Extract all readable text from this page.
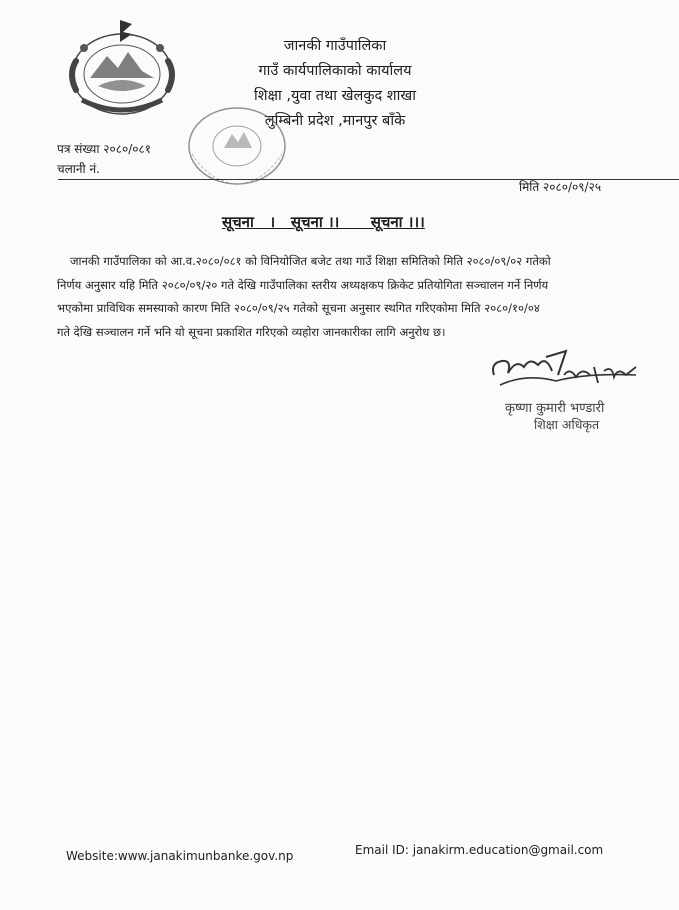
जानकी गाउँपालिका
गाउँ कार्यपालिकाको कार्यालय
शिक्षा ,युवा तथा खेलकुद शाखा
लुम्बिनी प्रदेश ,मानपुर बाँके
पत्र संख्या २०८०/०८१
चलानी नं.
मिति २०८०/०९/२५
सूचना   ।   सूचना ।।      सूचना ।।।
जानकी गाउँपालिका को आ.व.२०८०/०८१ को विनियोजित बजेट तथा गाउँ शिक्षा समितिको मिति २०८०/०९/०२ गतेको
निर्णय अनुसार यहि मिति २०८०/०९/२० गते देखि गाउँपालिका स्तरीय अध्यक्षकप क्रिकेट प्रतियोगिता सञ्चालन गर्ने निर्णय
भएकोमा प्राविधिक समस्याको कारण मिति २०८०/०९/२५ गतेको सूचना अनुसार स्थगित गरिएकोमा मिति २०८०/१०/०४
गते देखि सञ्चालन गर्ने भनि यो सूचना प्रकाशित गरिएको व्यहोरा जानकारीका लागि अनुरोध छ।
कृष्णा कुमारी भण्डारी
शिक्षा अधिकृत
Website:www.janakimunbanke.gov.np	Email ID: janakirm.education@gmail.com
